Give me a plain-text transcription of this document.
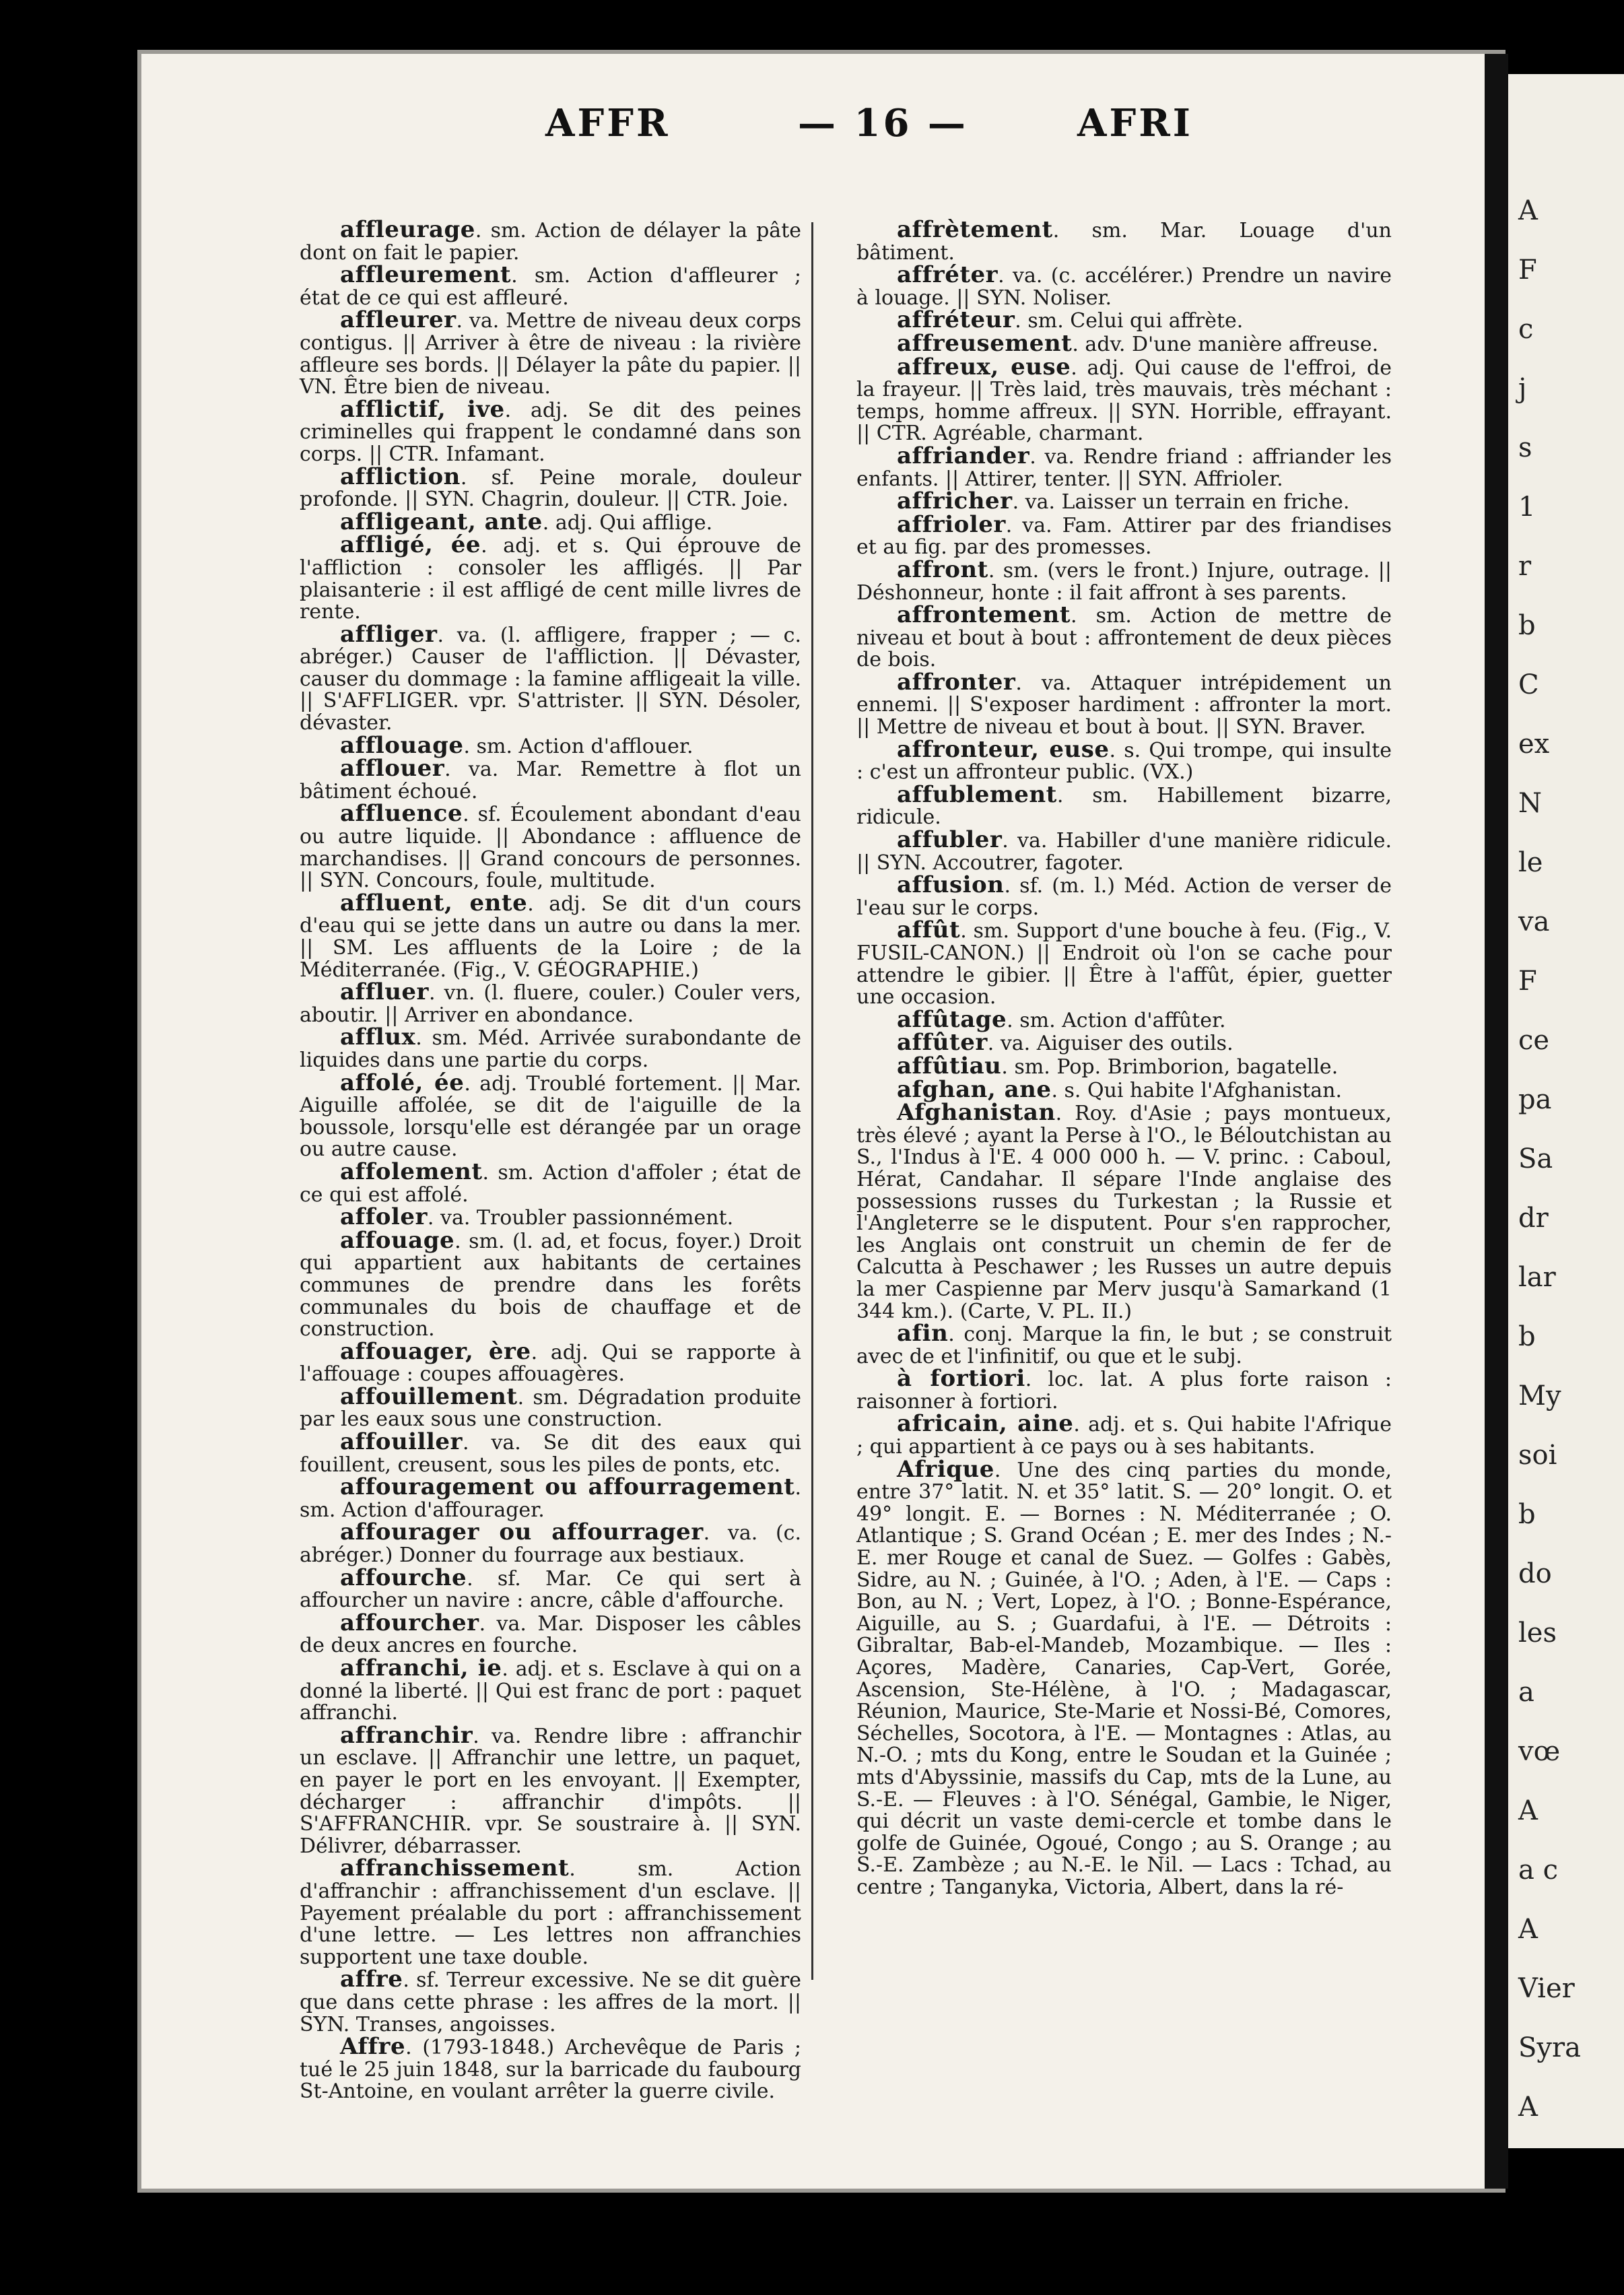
AFFR	— 16 —	AFRI

affleurage. sm. Action de délayer la pâte dont on fait le papier.

affleurement. sm. Action d'affleurer ; état de ce qui est affleuré.

affleurer. va. Mettre de niveau deux corps contigus. || Arriver à être de niveau : la rivière affleure ses bords. || Délayer la pâte du papier. || VN. Être bien de niveau.

afflictif, ive. adj. Se dit des peines criminelles qui frappent le condamné dans son corps. || CTR. Infamant.

affliction. sf. Peine morale, douleur profonde. || SYN. Chagrin, douleur. || CTR. Joie.

affligeant, ante. adj. Qui afflige.

affligé, ée. adj. et s. Qui éprouve de l'affliction : consoler les affligés. || Par plaisanterie : il est affligé de cent mille livres de rente.

affliger. va. (l. affligere, frapper ; — c. abréger.) Causer de l'affliction. || Dévaster, causer du dommage : la famine affligeait la ville. || S'AFFLIGER. vpr. S'attrister. || SYN. Désoler, dévaster.

afflouage. sm. Action d'afflouer.

afflouer. va. Mar. Remettre à flot un bâtiment échoué.

affluence. sf. Écoulement abondant d'eau ou autre liquide. || Abondance : affluence de marchandises. || Grand concours de personnes. || SYN. Concours, foule, multitude.

affluent, ente. adj. Se dit d'un cours d'eau qui se jette dans un autre ou dans la mer. || SM. Les affluents de la Loire ; de la Méditerranée. (Fig., V. GÉOGRAPHIE.)

affluer. vn. (l. fluere, couler.) Couler vers, aboutir. || Arriver en abondance.

afflux. sm. Méd. Arrivée surabondante de liquides dans une partie du corps.

affolé, ée. adj. Troublé fortement. || Mar. Aiguille affolée, se dit de l'aiguille de la boussole, lorsqu'elle est dérangée par un orage ou autre cause.

affolement. sm. Action d'affoler ; état de ce qui est affolé.

affoler. va. Troubler passionnément.

affouage. sm. (l. ad, et focus, foyer.) Droit qui appartient aux habitants de certaines communes de prendre dans les forêts communales du bois de chauffage et de construction.

affouager, ère. adj. Qui se rapporte à l'affouage : coupes affouagères.

affouillement. sm. Dégradation produite par les eaux sous une construction.

affouiller. va. Se dit des eaux qui fouillent, creusent, sous les piles de ponts, etc.

affouragement ou affourragement. sm. Action d'affourager.

affourager ou affourrager. va. (c. abréger.) Donner du fourrage aux bestiaux.

affourche. sf. Mar. Ce qui sert à affourcher un navire : ancre, câble d'affourche.

affourcher. va. Mar. Disposer les câbles de deux ancres en fourche.

affranchi, ie. adj. et s. Esclave à qui on a donné la liberté. || Qui est franc de port : paquet affranchi.

affranchir. va. Rendre libre : affranchir un esclave. || Affranchir une lettre, un paquet, en payer le port en les envoyant. || Exempter, décharger : affranchir d'impôts. || S'AFFRANCHIR. vpr. Se soustraire à. || SYN. Délivrer, débarrasser.

affranchissement. sm. Action d'affranchir : affranchissement d'un esclave. || Payement préalable du port : affranchissement d'une lettre. — Les lettres non affranchies supportent une taxe double.

affre. sf. Terreur excessive. Ne se dit guère que dans cette phrase : les affres de la mort. || SYN. Transes, angoisses.

Affre. (1793-1848.) Archevêque de Paris ; tué le 25 juin 1848, sur la barricade du faubourg St-Antoine, en voulant arrêter la guerre civile.

affrètement. sm. Mar. Louage d'un bâtiment.

affréter. va. (c. accélérer.) Prendre un navire à louage. || SYN. Noliser.

affréteur. sm. Celui qui affrète.

affreusement. adv. D'une manière affreuse.

affreux, euse. adj. Qui cause de l'effroi, de la frayeur. || Très laid, très mauvais, très méchant : temps, homme affreux. || SYN. Horrible, effrayant. || CTR. Agréable, charmant.

affriander. va. Rendre friand : affriander les enfants. || Attirer, tenter. || SYN. Affrioler.

affricher. va. Laisser un terrain en friche.

affrioler. va. Fam. Attirer par des friandises et au fig. par des promesses.

affront. sm. (vers le front.) Injure, outrage. || Déshonneur, honte : il fait affront à ses parents.

affrontement. sm. Action de mettre de niveau et bout à bout : affrontement de deux pièces de bois.

affronter. va. Attaquer intrépidement un ennemi. || S'exposer hardiment : affronter la mort. || Mettre de niveau et bout à bout. || SYN. Braver.

affronteur, euse. s. Qui trompe, qui insulte : c'est un affronteur public. (VX.)

affublement. sm. Habillement bizarre, ridicule.

affubler. va. Habiller d'une manière ridicule. || SYN. Accoutrer, fagoter.

affusion. sf. (m. l.) Méd. Action de verser de l'eau sur le corps.

affût. sm. Support d'une bouche à feu. (Fig., V. FUSIL-CANON.) || Endroit où l'on se cache pour attendre le gibier. || Être à l'affût, épier, guetter une occasion.

affûtage. sm. Action d'affûter.

affûter. va. Aiguiser des outils.

affûtiau. sm. Pop. Brimborion, bagatelle.

afghan, ane. s. Qui habite l'Afghanistan.

Afghanistan. Roy. d'Asie ; pays montueux, très élevé ; ayant la Perse à l'O., le Béloutchistan au S., l'Indus à l'E. 4 000 000 h. — V. princ. : Caboul, Hérat, Candahar. Il sépare l'Inde anglaise des possessions russes du Turkestan ; la Russie et l'Angleterre se le disputent. Pour s'en rapprocher, les Anglais ont construit un chemin de fer de Calcutta à Peschawer ; les Russes un autre depuis la mer Caspienne par Merv jusqu'à Samarkand (1 344 km.). (Carte, V. PL. II.)

afin. conj. Marque la fin, le but ; se construit avec de et l'infinitif, ou que et le subj.

à fortiori. loc. lat. A plus forte raison : raisonner à fortiori.

africain, aine. adj. et s. Qui habite l'Afrique ; qui appartient à ce pays ou à ses habitants.

Afrique. Une des cinq parties du monde, entre 37° latit. N. et 35° latit. S. — 20° longit. O. et 49° longit. E. — Bornes : N. Méditerranée ; O. Atlantique ; S. Grand Océan ; E. mer des Indes ; N.-E. mer Rouge et canal de Suez. — Golfes : Gabès, Sidre, au N. ; Guinée, à l'O. ; Aden, à l'E. — Caps : Bon, au N. ; Vert, Lopez, à l'O. ; Bonne-Espérance, Aiguille, au S. ; Guardafui, à l'E. — Détroits : Gibraltar, Bab-el-Mandeb, Mozambique. — Iles : Açores, Madère, Canaries, Cap-Vert, Gorée, Ascension, Ste-Hélène, à l'O. ; Madagascar, Réunion, Maurice, Ste-Marie et Nossi-Bé, Comores, Séchelles, Socotora, à l'E. — Montagnes : Atlas, au N.-O. ; mts du Kong, entre le Soudan et la Guinée ; mts d'Abyssinie, massifs du Cap, mts de la Lune, au S.-E. — Fleuves : à l'O. Sénégal, Gambie, le Niger, qui décrit un vaste demi-cercle et tombe dans le golfe de Guinée, Ogoué, Congo ; au S. Orange ; au S.-E. Zambèze ; au N.-E. le Nil. — Lacs : Tchad, au centre ; Tanganyka, Victoria, Albert, dans la ré-

A
F
c
j
s
1
r
b
C
ex
N
le
va
F
ce
pa
Sa
dr
lar
b
My
soi
b
do
les
a
vœ
A
a c
A
Vier
Syra
A
